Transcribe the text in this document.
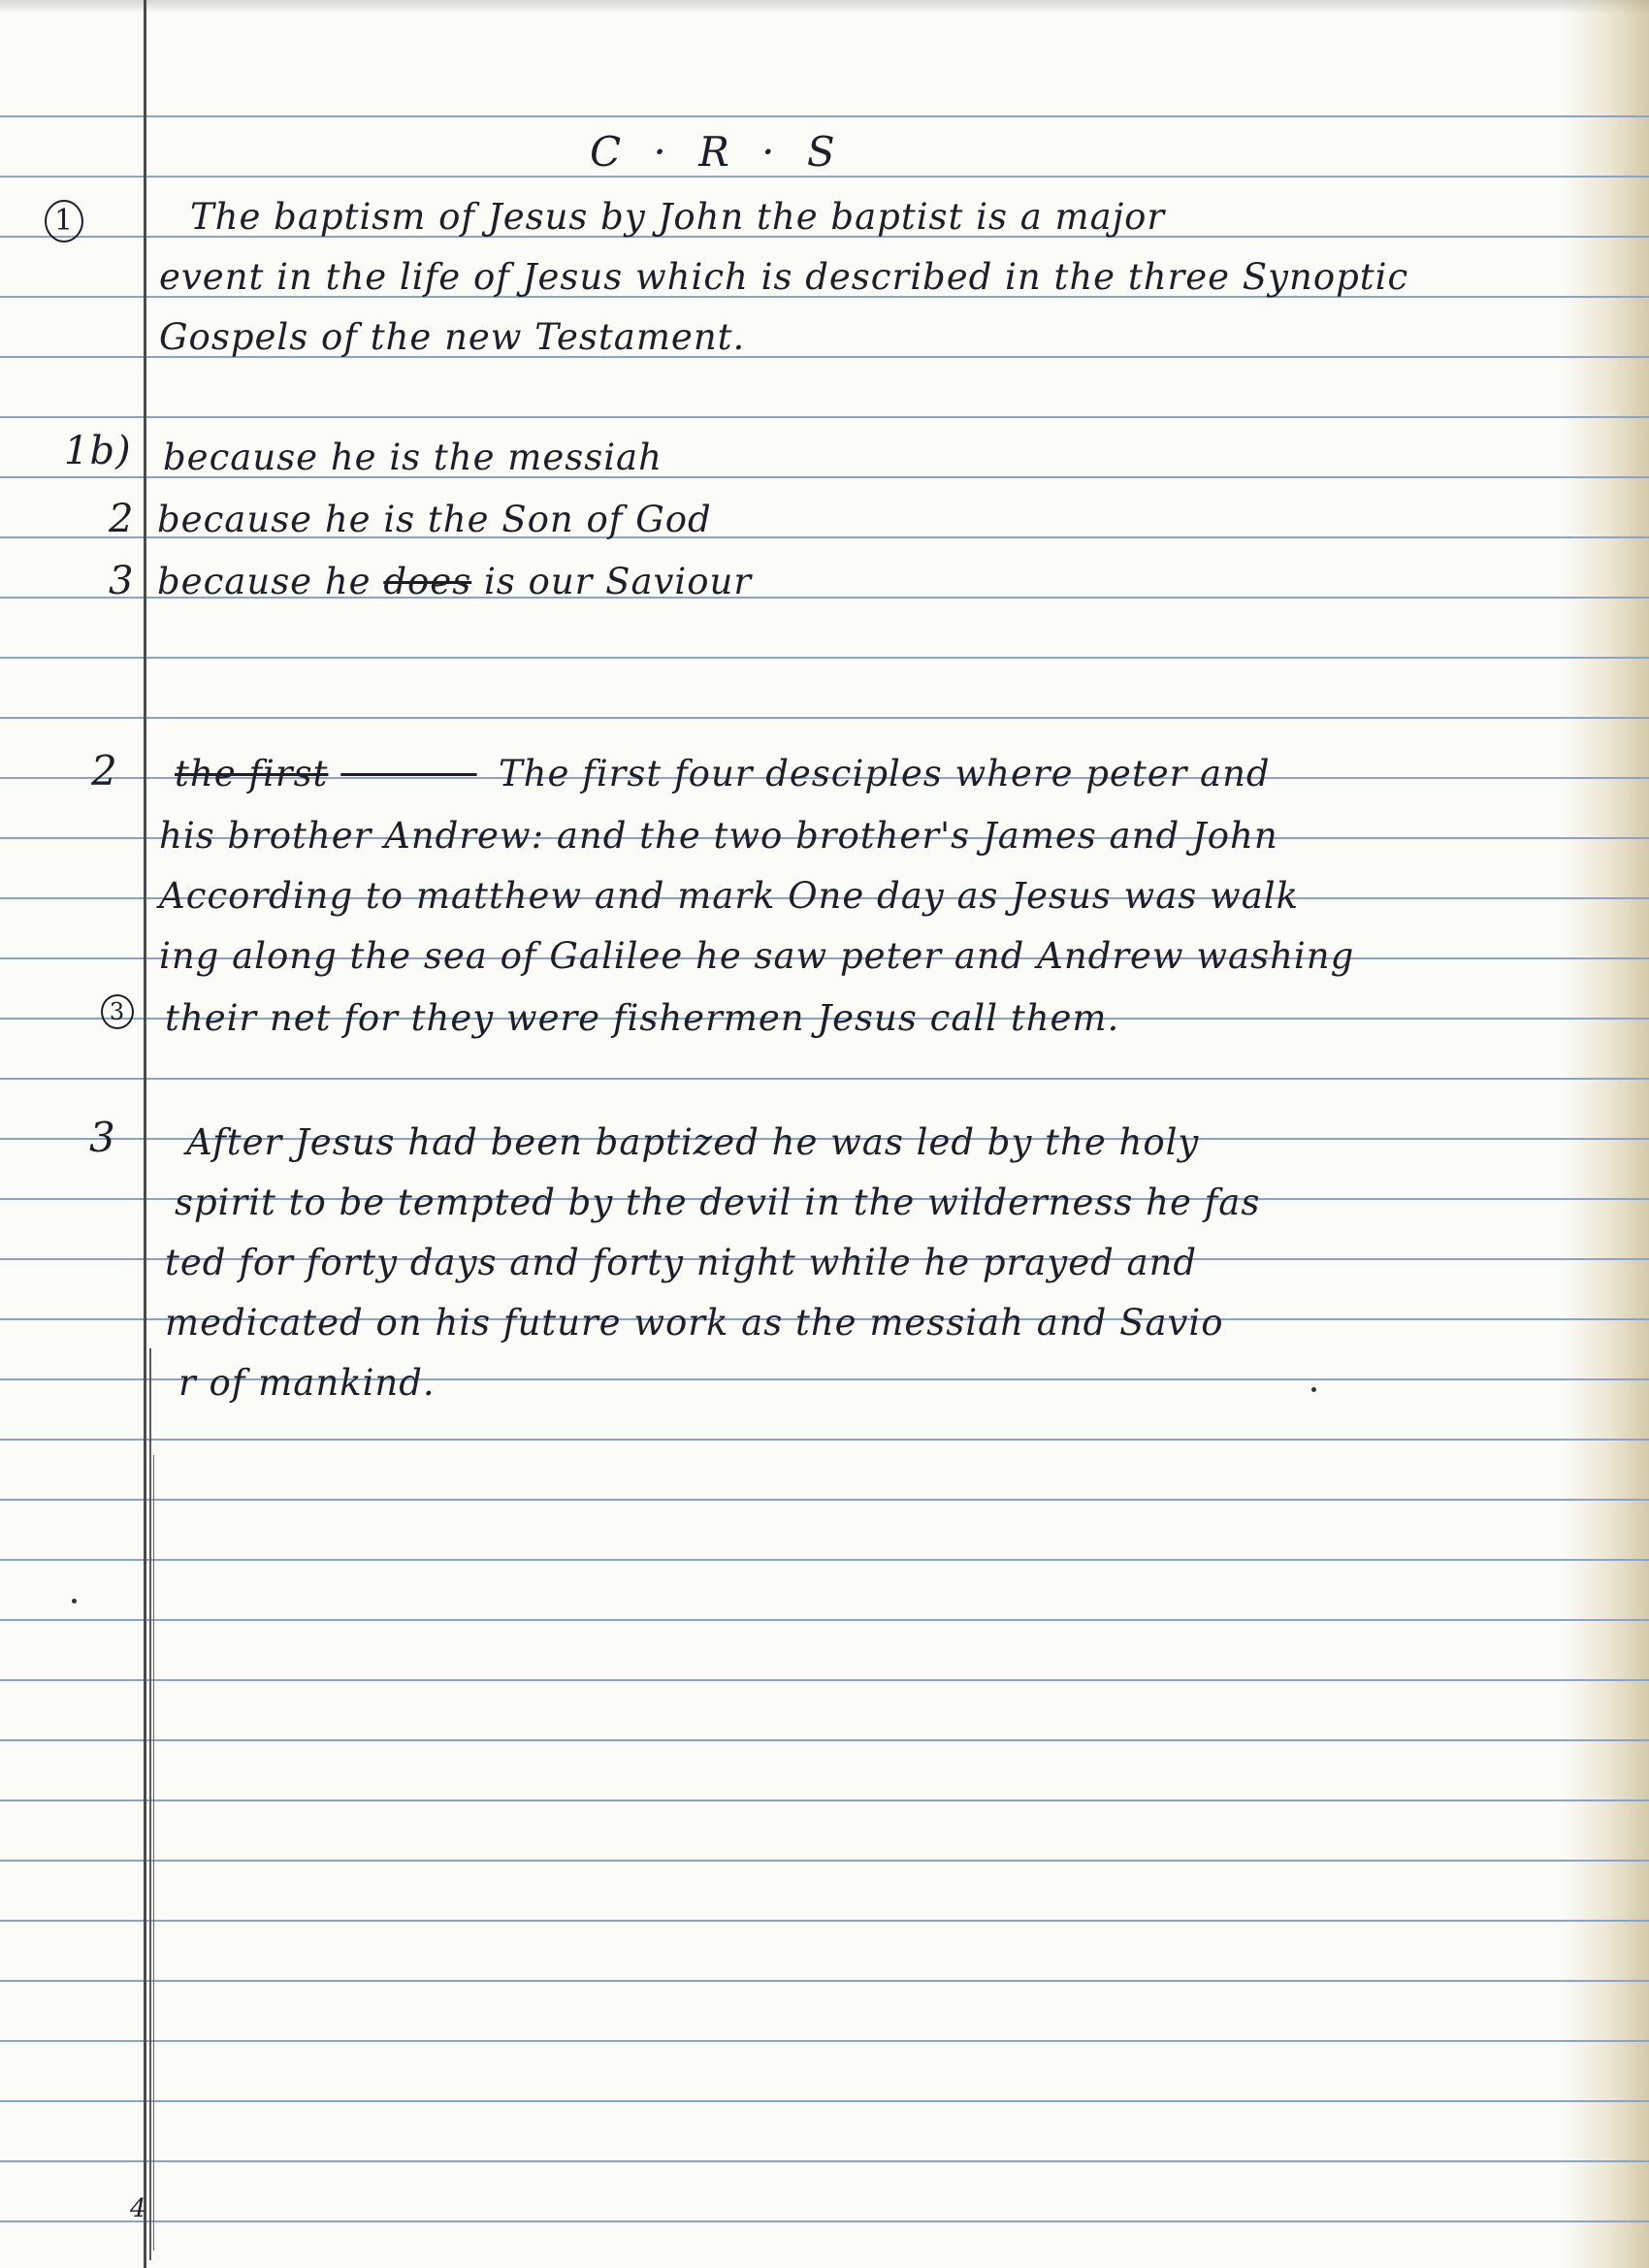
C · R · S
1	The baptism of Jesus by John the baptist is a major
event in the life of Jesus which is described in the three Synoptic
Gospels of the new Testament.
1b) because he is the messiah
2 because he is the Son of God
3 because he does is our Saviour
2 the first	The first four desciples where peter and
his brother Andrew: and the two brother's James and John
According to matthew and mark One day as Jesus was walk
ing along the sea of Galilee he saw peter and Andrew washing
3 their net for they were fishermen Jesus call them.
3 After Jesus had been baptized he was led by the holy
spirit to be tempted by the devil in the wilderness he fas
ted for forty days and forty night while he prayed and
medicated on his future work as the messiah and Savio
r of mankind.
4
